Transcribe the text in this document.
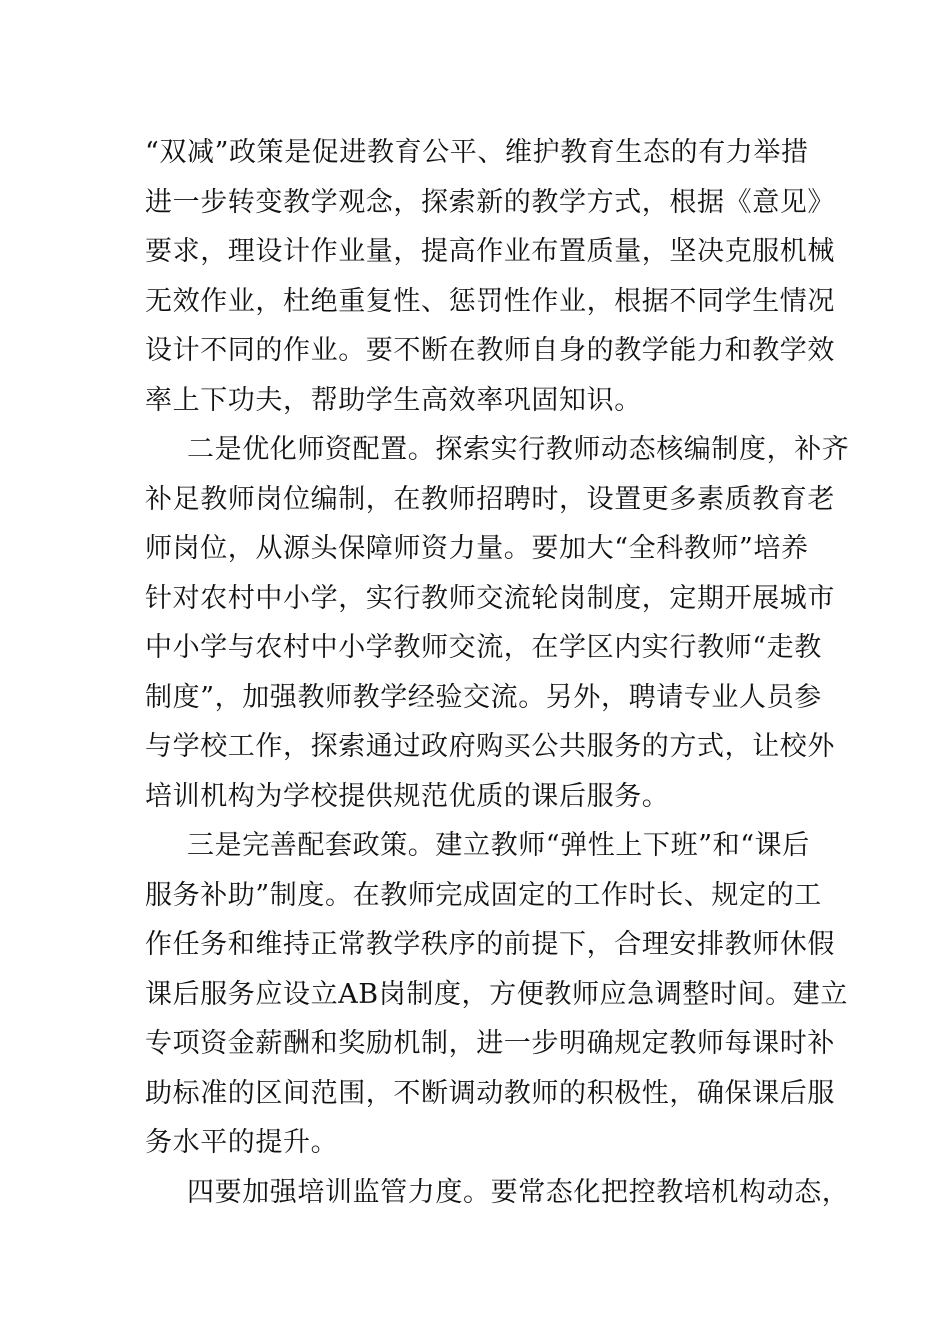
“双减”政策是促进教育公平、维护教育生态的有力举措
进一步转变教学观念，探索新的教学方式，根据《意见》
要求，理设计作业量，提高作业布置质量，坚决克服机械
无效作业，杜绝重复性、惩罚性作业，根据不同学生情况
设计不同的作业。要不断在教师自身的教学能力和教学效
率上下功夫，帮助学生高效率巩固知识。
二是优化师资配置。探索实行教师动态核编制度，补齐
补足教师岗位编制，在教师招聘时，设置更多素质教育老
师岗位，从源头保障师资力量。要加大“全科教师”培养
针对农村中小学，实行教师交流轮岗制度，定期开展城市
中小学与农村中小学教师交流，在学区内实行教师“走教
制度”，加强教师教学经验交流。另外，聘请专业人员参
与学校工作，探索通过政府购买公共服务的方式，让校外
培训机构为学校提供规范优质的课后服务。
三是完善配套政策。建立教师“弹性上下班”和“课后
服务补助”制度。在教师完成固定的工作时长、规定的工
作任务和维持正常教学秩序的前提下，合理安排教师休假
课后服务应设立AB岗制度，方便教师应急调整时间。建立
专项资金薪酬和奖励机制，进一步明确规定教师每课时补
助标准的区间范围，不断调动教师的积极性，确保课后服
务水平的提升。
四要加强培训监管力度。要常态化把控教培机构动态，
